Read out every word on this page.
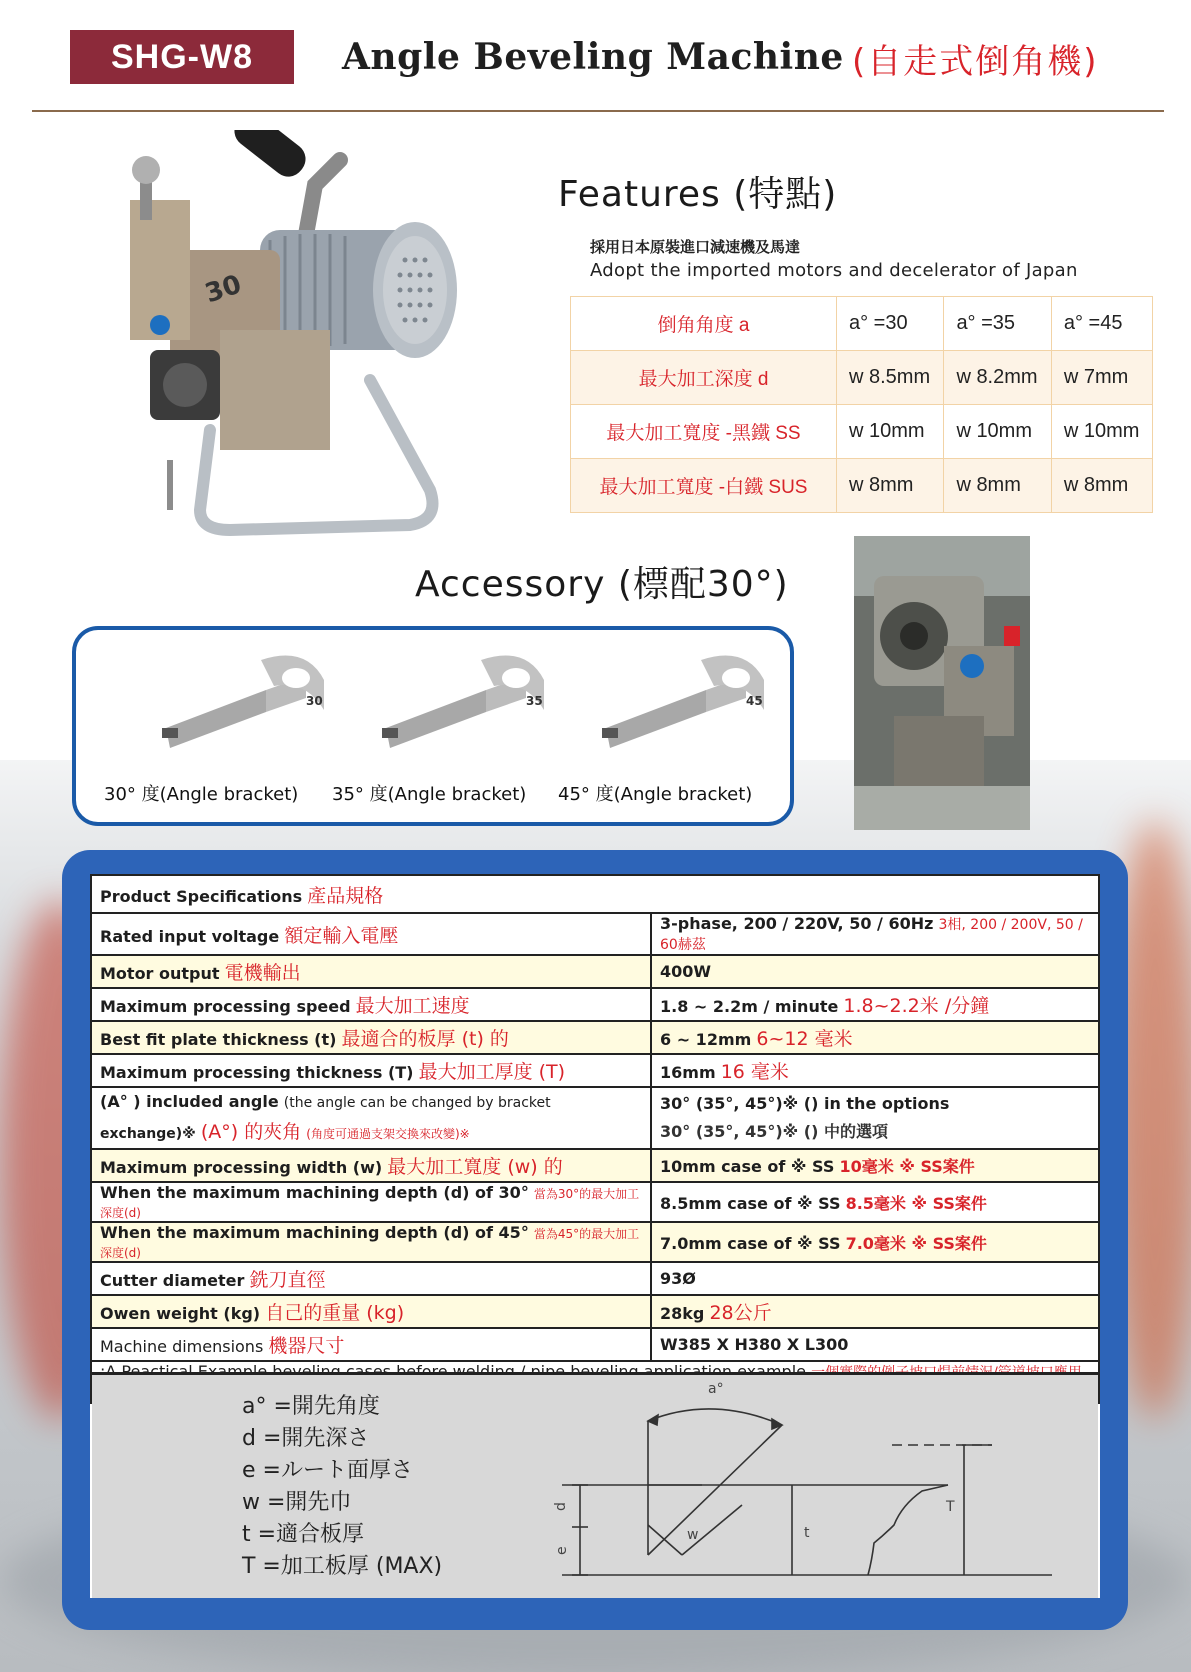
SHG-W8	Angle Beveling Machine (自走式倒角機)
30
Features (特點)
採用日本原裝進口減速機及馬達
Adopt the imported motors and decelerator of Japan
倒角角度 a	a° =30	a° =35	a° =45
最大加工深度 d	w 8.5mm	w 8.2mm	w 7mm
最大加工寬度 -黑鐵 SS	w 10mm	w 10mm	w 10mm
最大加工寬度 -白鐵 SUS	w 8mm	w 8mm	w 8mm
Accessory (標配30°)
30	35	45
30° 度(Angle bracket) 35° 度(Angle bracket) 45° 度(Angle bracket)
Product Specifications 產品規格	
Rated input voltage 額定輸入電壓	3-phase, 200 / 220V, 50 / 60Hz 3相, 200 / 200V, 50 / 60赫茲
Motor output 電機輸出	400W
Maximum processing speed 最大加工速度	1.8 ~ 2.2m / minute 1.8~2.2米 /分鐘
Best fit plate thickness (t) 最適合的板厚 (t) 的	6 ~ 12mm 6~12 毫米
Maximum processing thickness (T) 最大加工厚度 (T)	16mm 16 毫米
(A° ) included angle (the angle can be changed by bracket
exchange)※ (A°) 的夾角 (角度可通過支架交換來改變)※	30° (35°, 45°)※ () in the options
30° (35°, 45°)※ () 中的選項

Maximum processing width (w) 最大加工寬度 (w) 的	10mm case of ※ SS 10毫米 ※ SS案件
When the maximum machining depth (d) of 30° 當為30°的最大加工深度(d)	8.5mm case of ※ SS 8.5毫米 ※ SS案件
When the maximum machining depth (d) of 45° 當為45°的最大加工深度(d)	7.0mm case of ※ SS 7.0毫米 ※ SS案件
Cutter diameter 銑刀直徑	93Ø
Owen weight (kg) 自己的重量 (kg)	28kg 28公斤
Machine dimensions 機器尺寸	W385 X H380 X L300

a° =開先角度
d =開先深さ
e =ルート面厚さ
w =開先巾
t =適合板厚
T =加工板厚 (MAX)
a°
d
e
w	t
T
